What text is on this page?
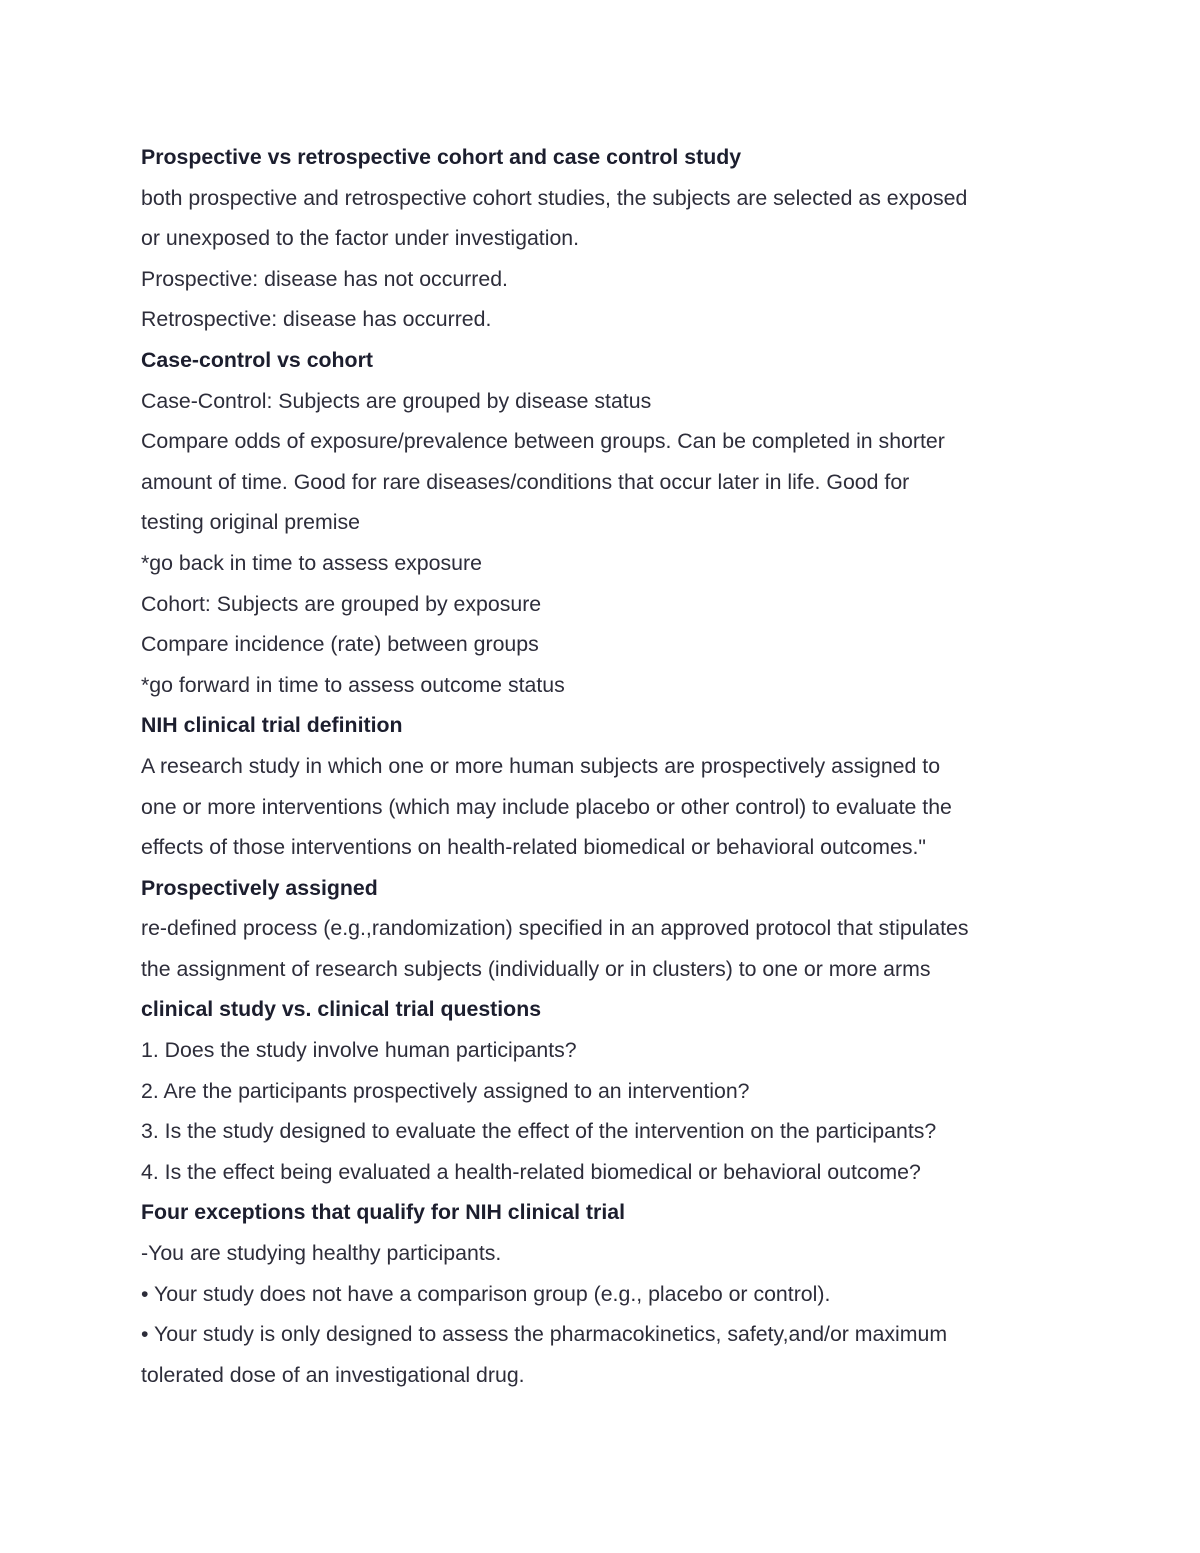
Prospective vs retrospective cohort and case control study

both prospective and retrospective cohort studies, the subjects are selected as exposed

or unexposed to the factor under investigation.

Prospective: disease has not occurred.

Retrospective: disease has occurred.

Case-control vs cohort

Case-Control: Subjects are grouped by disease status

Compare odds of exposure/prevalence between groups. Can be completed in shorter

amount of time. Good for rare diseases/conditions that occur later in life. Good for

testing original premise

*go back in time to assess exposure

Cohort: Subjects are grouped by exposure

Compare incidence (rate) between groups

*go forward in time to assess outcome status

NIH clinical trial definition

A research study in which one or more human subjects are prospectively assigned to

one or more interventions (which may include placebo or other control) to evaluate the

effects of those interventions on health-related biomedical or behavioral outcomes."

Prospectively assigned

re-defined process (e.g.,randomization) specified in an approved protocol that stipulates

the assignment of research subjects (individually or in clusters) to one or more arms

clinical study vs. clinical trial questions

1. Does the study involve human participants?

2. Are the participants prospectively assigned to an intervention?

3. Is the study designed to evaluate the effect of the intervention on the participants?

4. Is the effect being evaluated a health-related biomedical or behavioral outcome?

Four exceptions that qualify for NIH clinical trial

-You are studying healthy participants.

• Your study does not have a comparison group (e.g., placebo or control).

• Your study is only designed to assess the pharmacokinetics, safety,and/or maximum

tolerated dose of an investigational drug.
